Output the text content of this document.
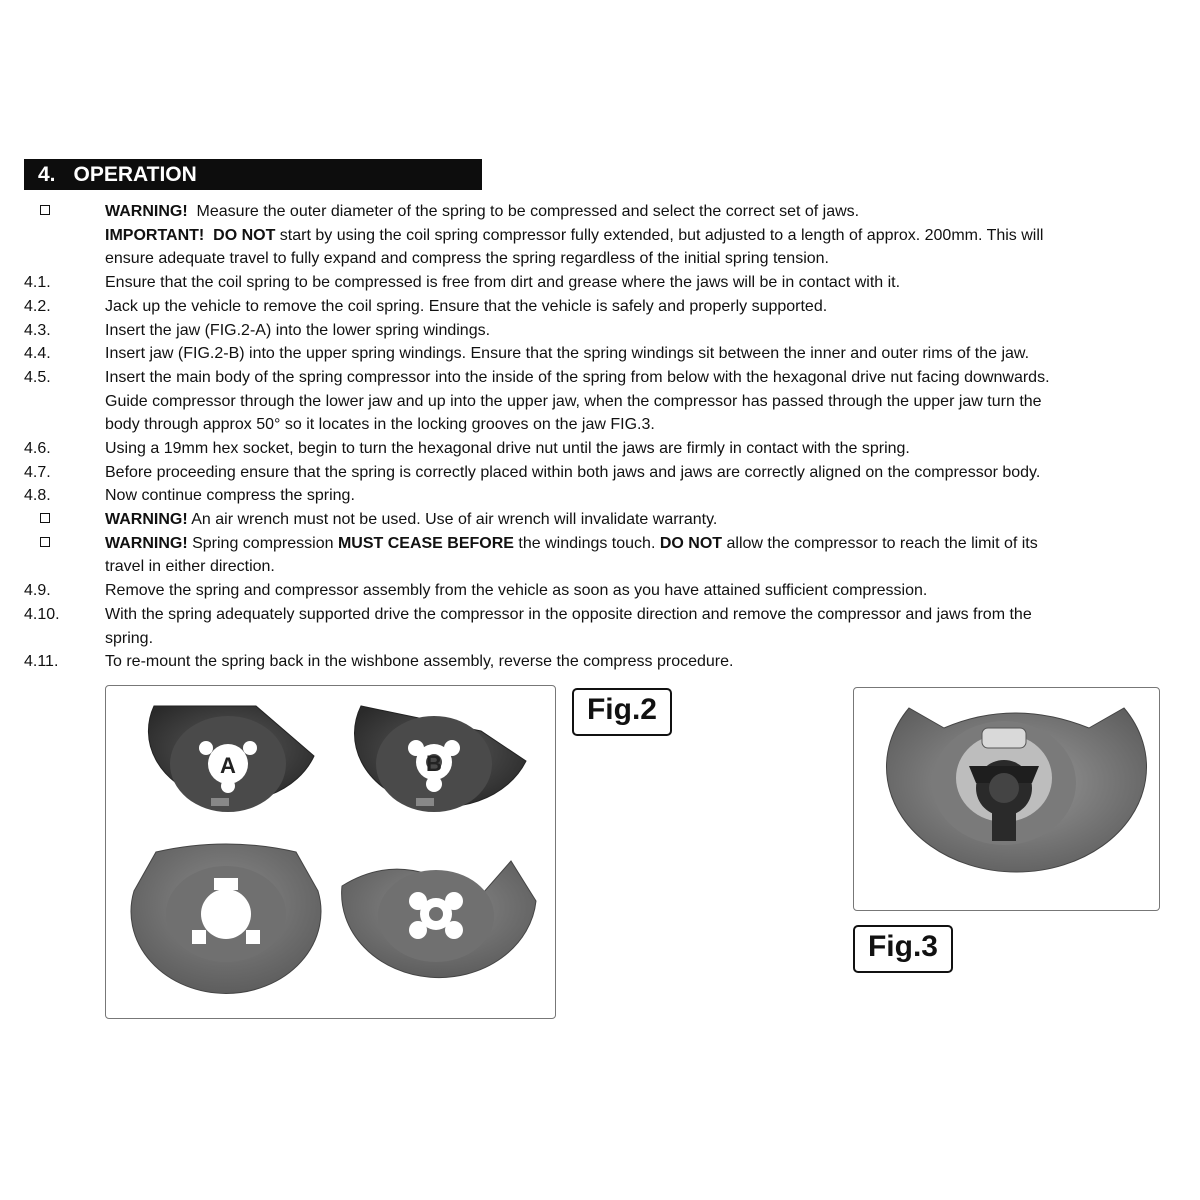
4. OPERATION
WARNING!  Measure the outer diameter of the spring to be compressed and select the correct set of jaws.
IMPORTANT! DO NOT start by using the coil spring compressor fully extended, but adjusted to a length of approx. 200mm. This will
ensure adequate travel to fully expand and compress the spring regardless of the initial spring tension.
4.1.	Ensure that the coil spring to be compressed is free from dirt and grease where the jaws will be in contact with it.
4.2.	Jack up the vehicle to remove the coil spring. Ensure that the vehicle is safely and properly supported.
4.3.	Insert the jaw (FIG.2-A) into the lower spring windings.
4.4.	Insert jaw (FIG.2-B) into the upper spring windings. Ensure that the spring windings sit between the inner and outer rims of the jaw.
4.5.	Insert the main body of the spring compressor into the inside of the spring from below with the hexagonal drive nut facing downwards.
Guide compressor through the lower jaw and up into the upper jaw, when the compressor has passed through the upper jaw turn the
body through approx 50° so it locates in the locking grooves on the jaw FIG.3.
4.6.	Using a 19mm hex socket, begin to turn the hexagonal drive nut until the jaws are firmly in contact with the spring.
4.7.	Before proceeding ensure that the spring is correctly placed within both jaws and jaws are correctly aligned on the compressor body.
4.8.	Now continue compress the spring.
WARNING! An air wrench must not be used. Use of air wrench will invalidate warranty.
WARNING! Spring compression MUST CEASE BEFORE the windings touch. DO NOT allow the compressor to reach the limit of its
travel in either direction.
4.9.	Remove the spring and compressor assembly from the vehicle as soon as you have attained sufficient compression.
4.10.	With the spring adequately supported drive the compressor in the opposite direction and remove the compressor and jaws from the
spring.
4.11.	To re-mount the spring back in the wishbone assembly, reverse the compress procedure.
A	B
Fig.2
Fig.3
